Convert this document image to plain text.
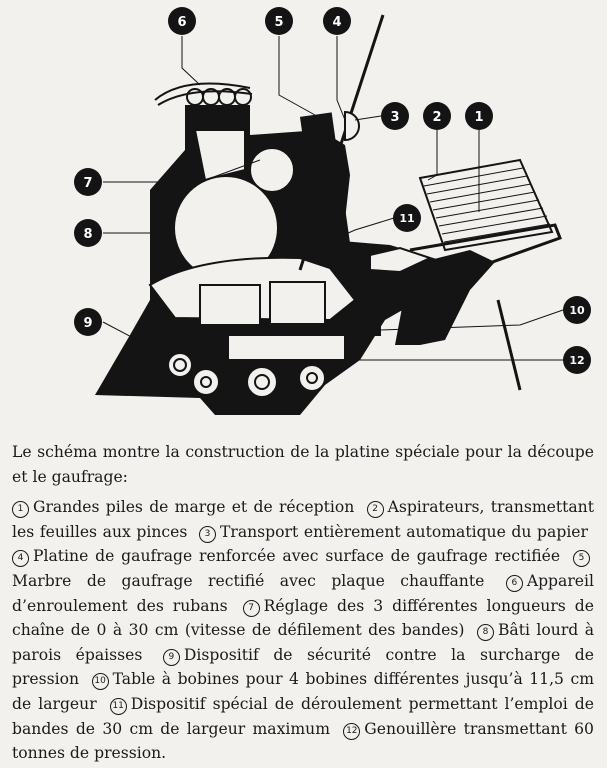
1
2
3
4
5
6
7
8
9
10
11
12

Le schéma montre la construction de la platine spéciale pour la découpe et le gaufrage:

1 Grandes piles de marge et de réception 2 Aspirateurs, transmettant les feuilles aux pinces 3 Transport entièrement automatique du papier 4 Platine de gaufrage renforcée avec surface de gaufrage rectifiée 5Marbre de gaufrage rectifié avec plaque chauffante	6 Appareil d’enroulement des rubans 7 Réglage des 3 différentes longueurs de chaîne de 0 à 30 cm (vitesse de défilement des bandes) 8 Bâti lourd à parois épaisses	9 Dispositif de sécurité contre la surcharge de pression 10 Table à bobines pour 4 bobines différentes jusqu’à 11,5 cm de largeur 11 Dispositif spécial de déroulement permettant l’emploi de bandes de 30 cm de largeur maximum 12 Genouillère transmettant 60 tonnes de pression.
